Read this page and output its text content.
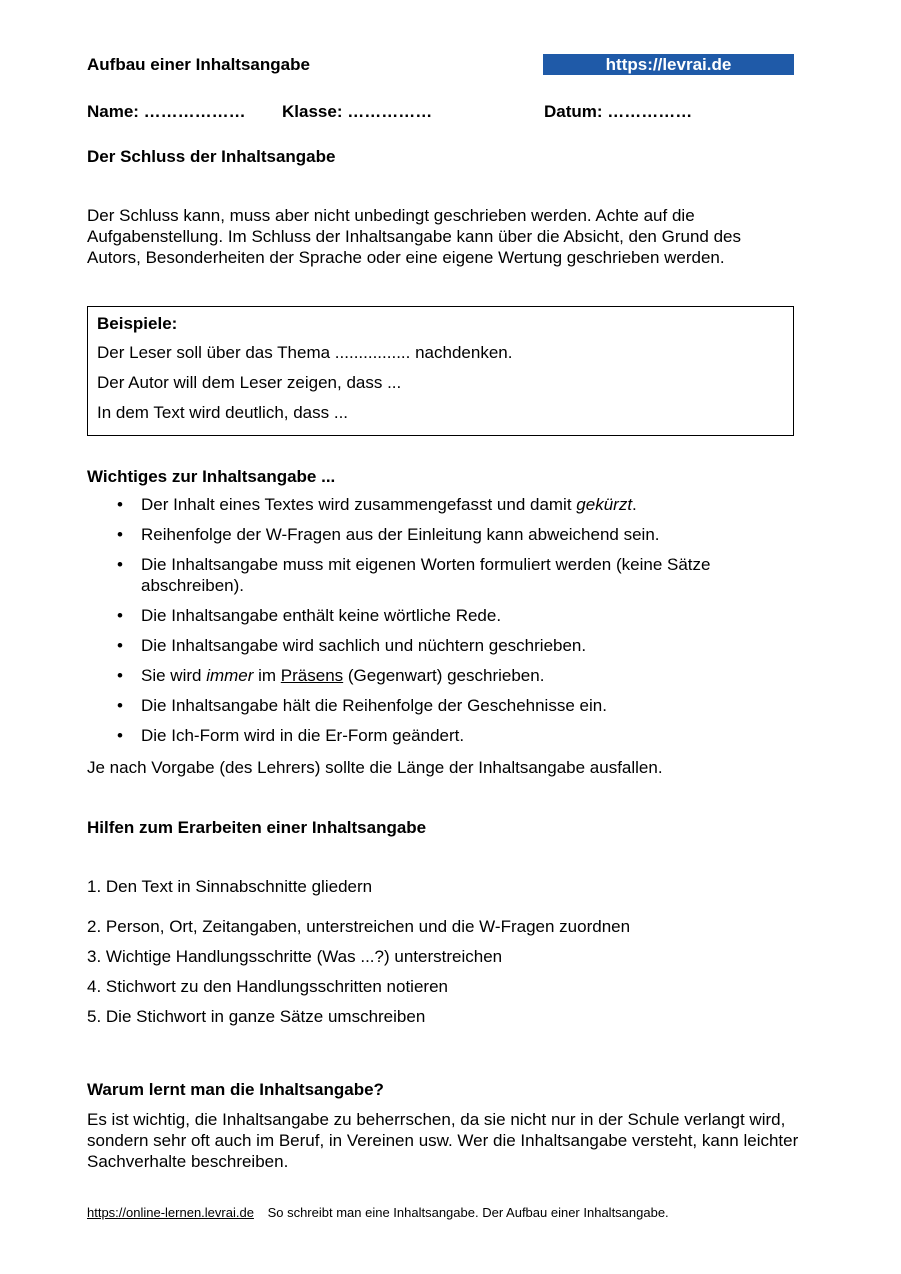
Aufbau einer Inhaltsangabe	https://levrai.de
Name: ……………… Klasse: ……………	Datum: ……………
Der Schluss der Inhaltsangabe
Der Schluss kann, muss aber nicht unbedingt geschrieben werden. Achte auf die Aufgabenstellung. Im Schluss der Inhaltsangabe kann über die Absicht, den Grund des Autors, Besonderheiten der Sprache oder eine eigene Wertung geschrieben werden.
Beispiele:
Der Leser soll über das Thema ................ nachdenken.
Der Autor will dem Leser zeigen, dass ...
In dem Text wird deutlich, dass ...
Wichtiges zur Inhaltsangabe ...
• Der Inhalt eines Textes wird zusammengefasst und damit gekürzt.
• Reihenfolge der W-Fragen aus der Einleitung kann abweichend sein.
• Die Inhaltsangabe muss mit eigenen Worten formuliert werden (keine Sätze abschreiben).
• Die Inhaltsangabe enthält keine wörtliche Rede.
• Die Inhaltsangabe wird sachlich und nüchtern geschrieben.
• Sie wird immer im Präsens (Gegenwart) geschrieben.
• Die Inhaltsangabe hält die Reihenfolge der Geschehnisse ein.
• Die Ich-Form wird in die Er-Form geändert.
Je nach Vorgabe (des Lehrers) sollte die Länge der Inhaltsangabe ausfallen.
Hilfen zum Erarbeiten einer Inhaltsangabe
1. Den Text in Sinnabschnitte gliedern
2. Person, Ort, Zeitangaben, unterstreichen und die W-Fragen zuordnen
3. Wichtige Handlungsschritte (Was ...?) unterstreichen
4. Stichwort zu den Handlungsschritten notieren
5. Die Stichwort in ganze Sätze umschreiben
Warum lernt man die Inhaltsangabe?
Es ist wichtig, die Inhaltsangabe zu beherrschen, da sie nicht nur in der Schule verlangt wird, sondern sehr oft auch im Beruf, in Vereinen usw. Wer die Inhaltsangabe versteht, kann leichter Sachverhalte beschreiben.
https://online-lernen.levrai.de So schreibt man eine Inhaltsangabe. Der Aufbau einer Inhaltsangabe.
